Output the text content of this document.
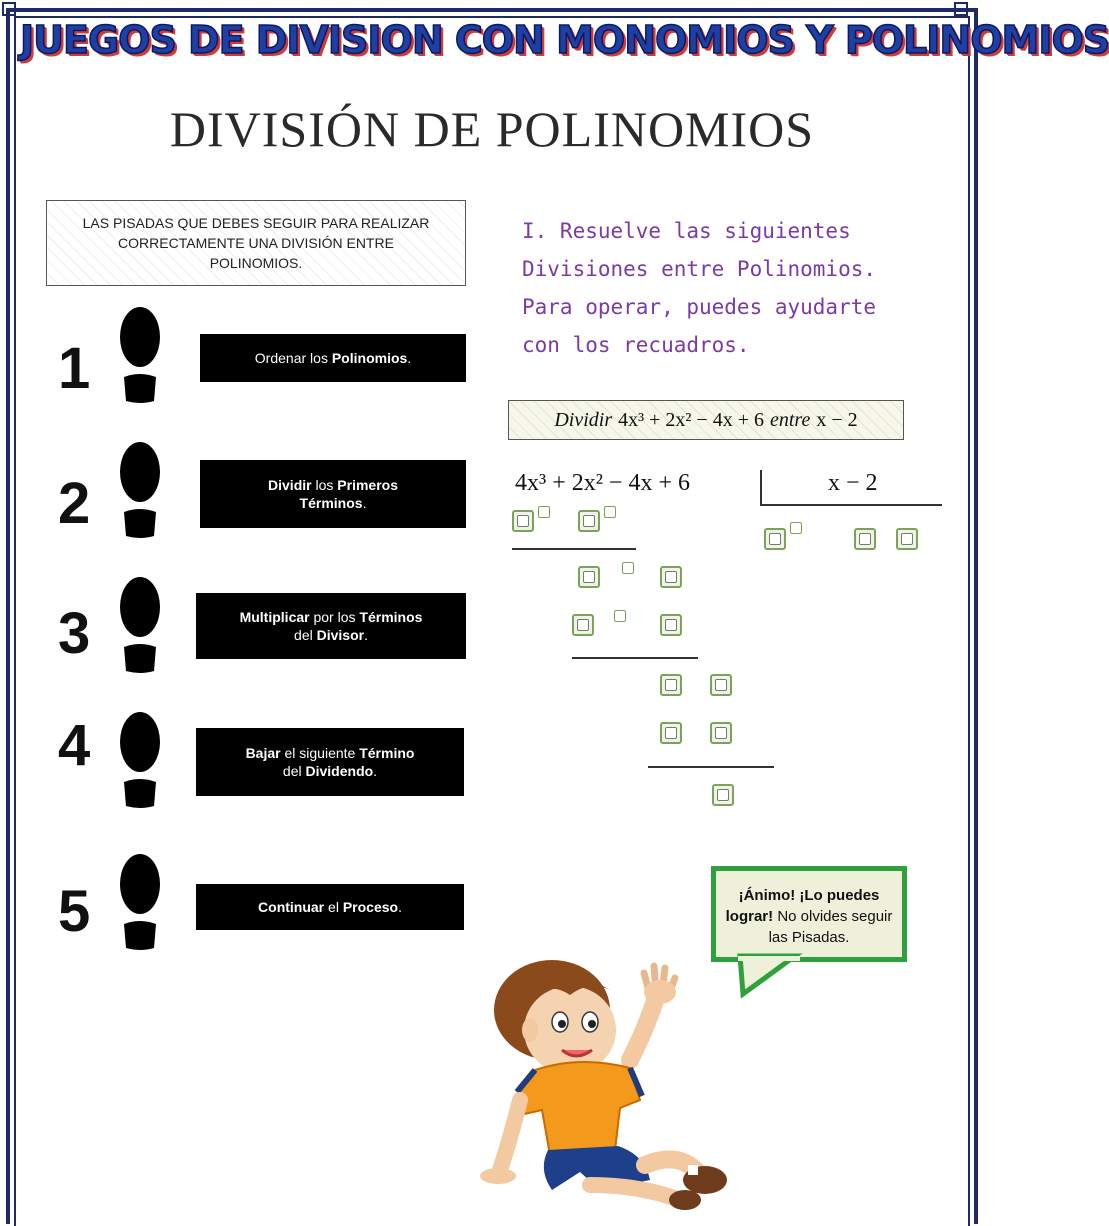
JUEGOS DE DIVISION CON MONOMIOS Y POLINOMIOS
DIVISIÓN DE POLINOMIOS
LAS PISADAS QUE DEBES SEGUIR PARA REALIZAR CORRECTAMENTE UNA DIVISIÓN ENTRE POLINOMIOS.
I. Resuelve las siguientes
Divisiones entre Polinomios.
Para operar, puedes ayudarte
con los recuadros.
1	Ordenar los Polinomios.
2	Dividir los Primeros Términos.
3	Multiplicar por los Términos del Divisor.
4	Bajar el siguiente Término del Dividendo.
5	Continuar el Proceso.
Dividir 4x³ + 2x² − 4x + 6 entre x − 2
4x³ + 2x² − 4x + 6	x − 2
¡Ánimo! ¡Lo puedes lograr! No olvides seguir las Pisadas.
